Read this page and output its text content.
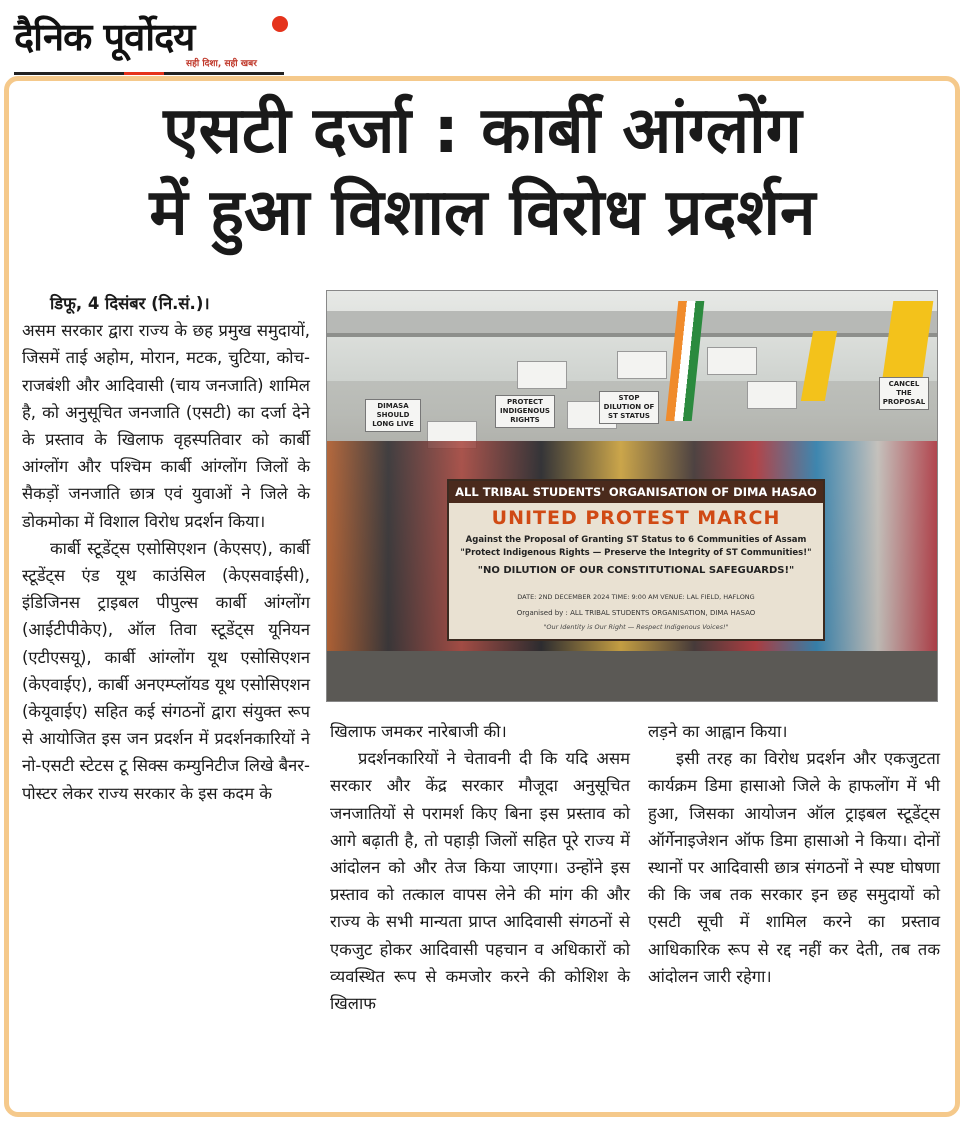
दैनिक पूर्वोदय
सही दिशा, सही खबर
एसटी दर्जा : कार्बी आंग्लोंग
में हुआ विशाल विरोध प्रदर्शन

डिफू, 4 दिसंबर (नि.सं.)।

असम सरकार द्वारा राज्य के छह प्रमुख समुदायों, जिसमें ताई अहोम, मोरान, मटक, चुटिया, कोच-राजबंशी और आदिवासी (चाय जनजाति) शामिल है, को अनुसूचित जनजाति (एसटी) का दर्जा देने के प्रस्ताव के खिलाफ वृहस्पतिवार को कार्बी आंग्लोंग और पश्चिम कार्बी आंग्लोंग जिलों के सैकड़ों जनजाति छात्र एवं युवाओं ने जिले के डोकमोका में विशाल विरोध प्रदर्शन किया।

कार्बी स्टूडेंट्स एसोसिएशन (केएसए), कार्बी स्टूडेंट्स एंड यूथ काउंसिल (केएसवाईसी), इंडिजिनस ट्राइबल पीपुल्स कार्बी आंग्लोंग (आईटीपीकेए), ऑल तिवा स्टूडेंट्स यूनियन (एटीएसयू), कार्बी आंग्लोंग यूथ एसोसिएशन (केएवाईए), कार्बी अनएम्प्लॉयड यूथ एसोसिएशन (केयूवाईए) सहित कई संगठनों द्वारा संयुक्त रूप से आयोजित इस जन प्रदर्शन में प्रदर्शनकारियों ने नो-एसटी स्टेटस टू सिक्स कम्युनिटीज लिखे बैनर-पोस्टर लेकर राज्य सरकार के इस कदम के

DIMASA SHOULD LONG LIVE
PROTECT INDIGENOUS RIGHTS
STOP DILUTION OF ST STATUS
CANCEL THE PROPOSAL
ALL TRIBAL STUDENTS' ORGANISATION OF DIMA HASAO
UNITED PROTEST MARCH
Against the Proposal of Granting ST Status to 6 Communities of Assam
"Protect Indigenous Rights — Preserve the Integrity of ST Communities!"
"NO DILUTION OF OUR CONSTITUTIONAL SAFEGUARDS!"
DATE: 2ND DECEMBER 2024 TIME: 9:00 AM VENUE: LAL FIELD, HAFLONG
Organised by : ALL TRIBAL STUDENTS ORGANISATION, DIMA HASAO
"Our Identity is Our Right — Respect Indigenous Voices!"

खिलाफ जमकर नारेबाजी की।

प्रदर्शनकारियों ने चेतावनी दी कि यदि असम सरकार और केंद्र सरकार मौजूदा अनुसूचित जनजातियों से परामर्श किए बिना इस प्रस्ताव को आगे बढ़ाती है, तो पहाड़ी जिलों सहित पूरे राज्य में आंदोलन को और तेज किया जाएगा। उन्होंने इस प्रस्ताव को तत्काल वापस लेने की मांग की और राज्य के सभी मान्यता प्राप्त आदिवासी संगठनों से एकजुट होकर आदिवासी पहचान व अधिकारों को व्यवस्थित रूप से कमजोर करने की कोशिश के खिलाफ

लड़ने का आह्वान किया।

इसी तरह का विरोध प्रदर्शन और एकजुटता कार्यक्रम डिमा हासाओ जिले के हाफलोंग में भी हुआ, जिसका आयोजन ऑल ट्राइबल स्टूडेंट्स ऑर्गेनाइजेशन ऑफ डिमा हासाओ ने किया। दोनों स्थानों पर आदिवासी छात्र संगठनों ने स्पष्ट घोषणा की कि जब तक सरकार इन छह समुदायों को एसटी सूची में शामिल करने का प्रस्ताव आधिकारिक रूप से रद्द नहीं कर देती, तब तक आंदोलन जारी रहेगा।
